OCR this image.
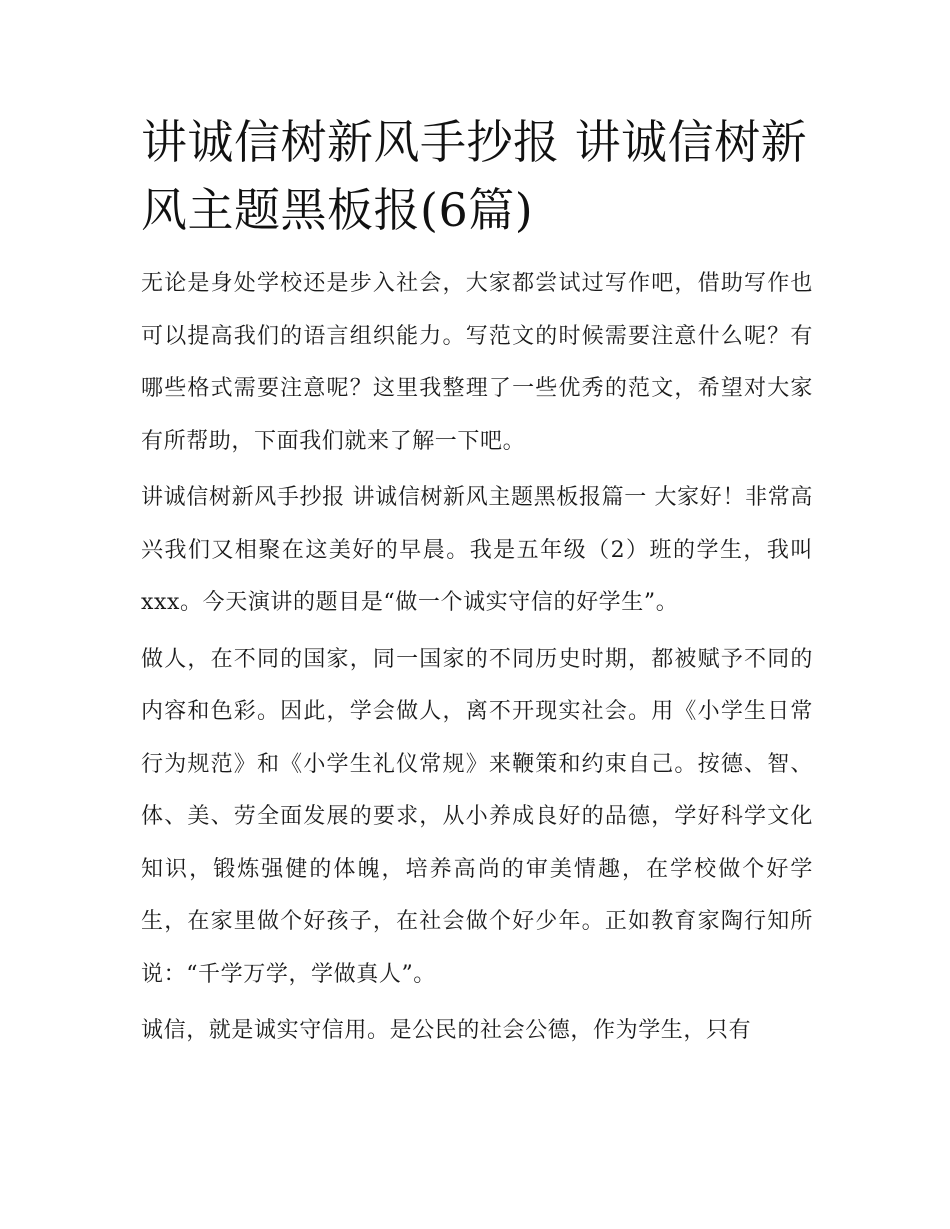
讲诚信树新风手抄报 讲诚信树新风主题黑板报(6篇)

无论是身处学校还是步入社会，大家都尝试过写作吧，借助写作也可以提高我们的语言组织能力。写范文的时候需要注意什么呢？有哪些格式需要注意呢？这里我整理了一些优秀的范文，希望对大家有所帮助，下面我们就来了解一下吧。

讲诚信树新风手抄报 讲诚信树新风主题黑板报篇一 大家好！非常高兴我们又相聚在这美好的早晨。我是五年级（2）班的学生，我叫xxx。今天演讲的题目是“做一个诚实守信的好学生”。

做人，在不同的国家，同一国家的不同历史时期，都被赋予不同的内容和色彩。因此，学会做人，离不开现实社会。用《小学生日常行为规范》和《小学生礼仪常规》来鞭策和约束自己。按德、智、体、美、劳全面发展的要求，从小养成良好的品德，学好科学文化知识，锻炼强健的体魄，培养高尚的审美情趣，在学校做个好学生，在家里做个好孩子，在社会做个好少年。正如教育家陶行知所说：“千学万学，学做真人”。

诚信，就是诚实守信用。是公民的社会公德，作为学生，只有
